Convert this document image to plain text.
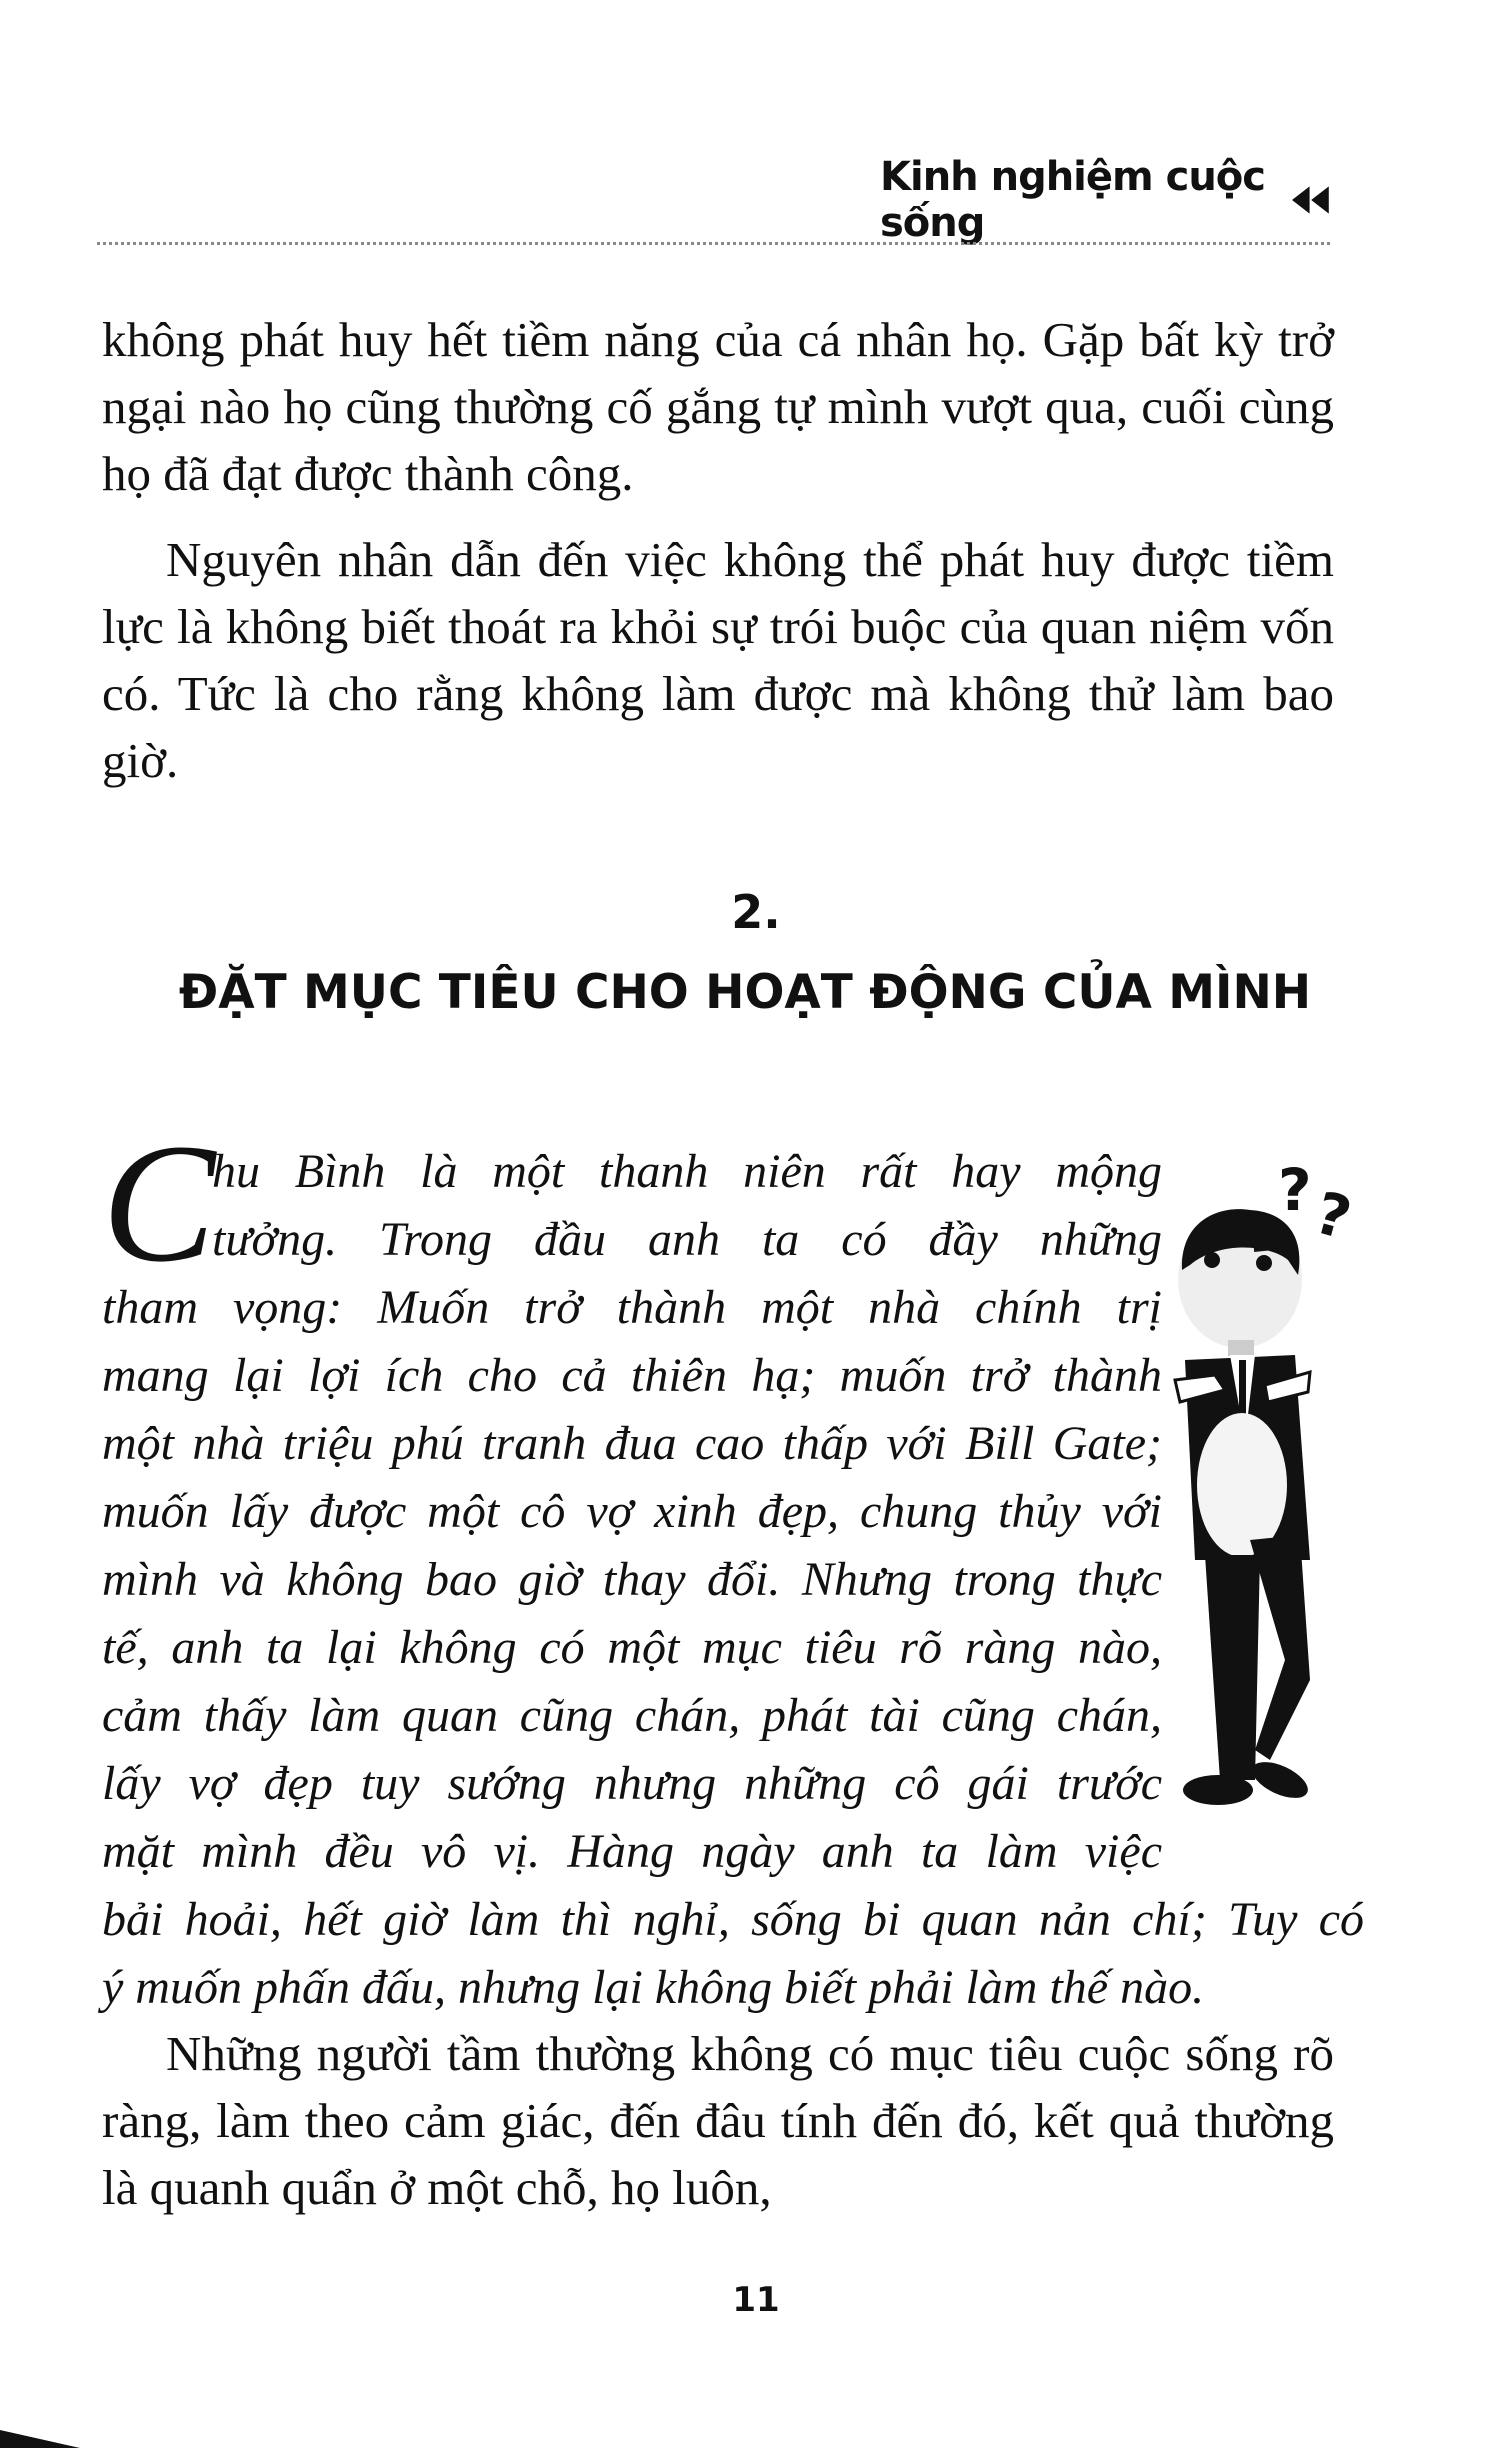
Kinh nghiệm cuộc sống

không phát huy hết tiềm năng của cá nhân họ. Gặp bất kỳ trở ngại nào họ cũng thường cố gắng tự mình vượt qua, cuối cùng họ đã đạt được thành công.

Nguyên nhân dẫn đến việc không thể phát huy được tiềm lực là không biết thoát ra khỏi sự trói buộc của quan niệm vốn có. Tức là cho rằng không làm được mà không thử làm bao giờ.

2.
ĐẶT MỤC TIÊU CHO HOẠT ĐỘNG CỦA MÌNH
C
hu Bình là một thanh niên rất hay mộng
tưởng. Trong đầu anh ta có đầy những
tham vọng: Muốn trở thành một nhà chính trị
mang lại lợi ích cho cả thiên hạ; muốn trở thành
một nhà triệu phú tranh đua cao thấp với Bill Gate;
muốn lấy được một cô vợ xinh đẹp, chung thủy với
mình và không bao giờ thay đổi. Nhưng trong thực
tế, anh ta lại không có một mục tiêu rõ ràng nào,
cảm thấy làm quan cũng chán, phát tài cũng chán,
lấy vợ đẹp tuy sướng nhưng những cô gái trước
mặt mình đều vô vị. Hàng ngày anh ta làm việc
bải hoải, hết giờ làm thì nghỉ, sống bi quan nản chí; Tuy có
ý muốn phấn đấu, nhưng lại không biết phải làm thế nào.
?
?

Những người tầm thường không có mục tiêu cuộc sống rõ ràng, làm theo cảm giác, đến đâu tính đến đó, kết quả thường là quanh quẩn ở một chỗ, họ luôn,

11
